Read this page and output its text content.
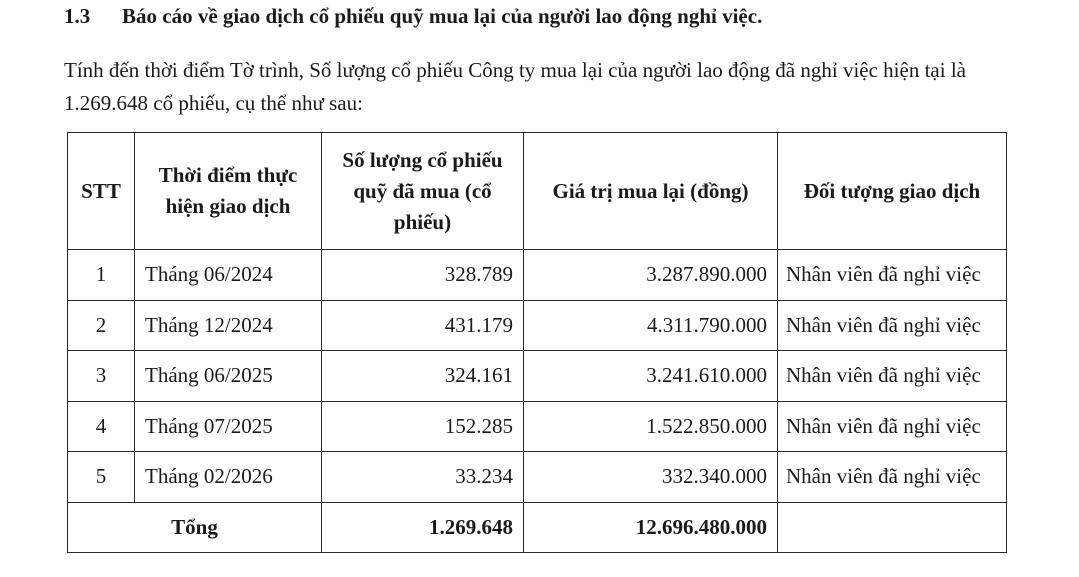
1.3 Báo cáo về giao dịch cổ phiếu quỹ mua lại của người lao động nghỉ việc.
Tính đến thời điểm Tờ trình, Số lượng cổ phiếu Công ty mua lại của người lao động đã nghỉ việc hiện tại là 1.269.648 cổ phiếu, cụ thể như sau:
STT	Thời điểm thực hiện giao dịch	Số lượng cổ phiếu quỹ đã mua (cổ phiếu)	Giá trị mua lại (đồng)	Đối tượng giao dịch
1	Tháng 06/2024	328.789	3.287.890.000	Nhân viên đã nghỉ việc
2	Tháng 12/2024	431.179	4.311.790.000	Nhân viên đã nghỉ việc
3	Tháng 06/2025	324.161	3.241.610.000	Nhân viên đã nghỉ việc
4	Tháng 07/2025	152.285	1.522.850.000	Nhân viên đã nghỉ việc
5	Tháng 02/2026	33.234	332.340.000	Nhân viên đã nghỉ việc
Tổng		1.269.648	12.696.480.000	
